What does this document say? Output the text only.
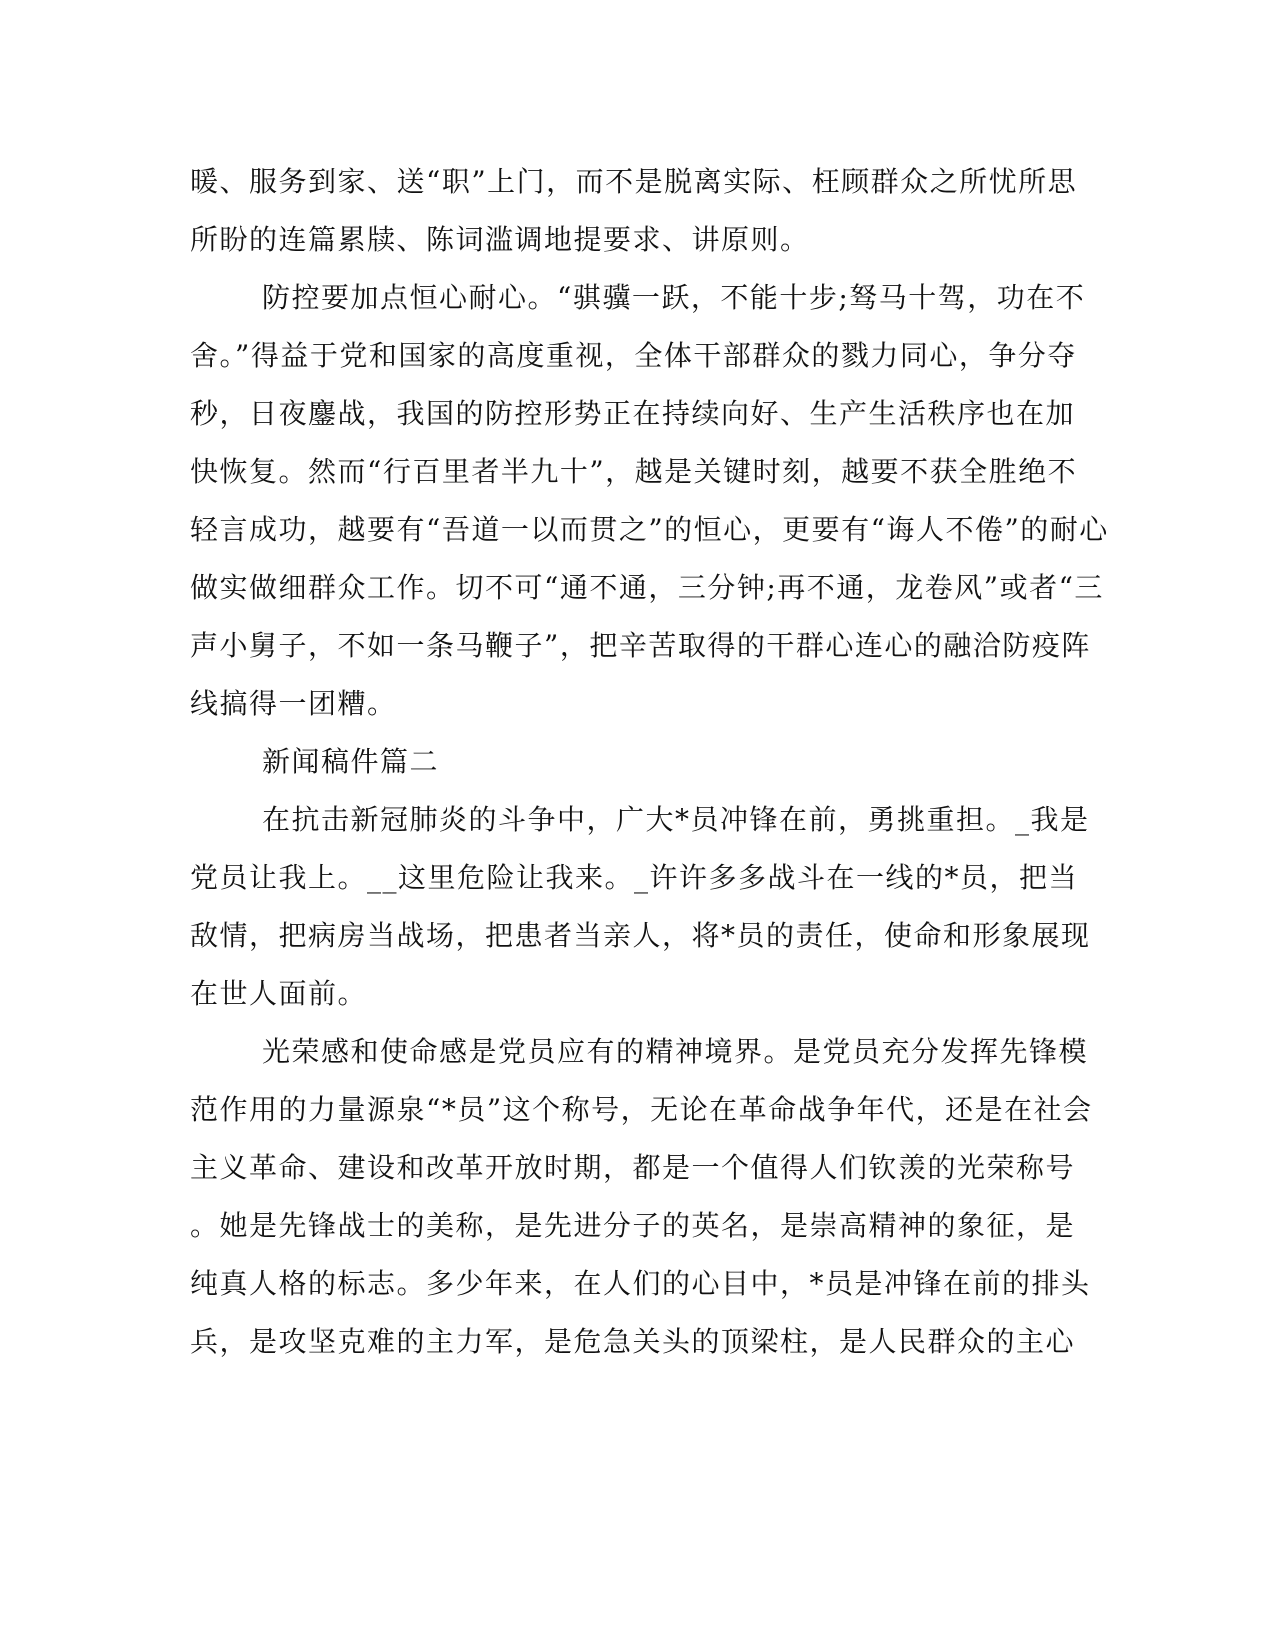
暖、服务到家、送“职”上门，而不是脱离实际、枉顾群众之所忧所思
所盼的连篇累牍、陈词滥调地提要求、讲原则。
防控要加点恒心耐心。“骐骥一跃，不能十步;驽马十驾，功在不
舍。”得益于党和国家的高度重视，全体干部群众的戮力同心，争分夺
秒，日夜鏖战，我国的防控形势正在持续向好、生产生活秩序也在加
快恢复。然而“行百里者半九十”，越是关键时刻，越要不获全胜绝不
轻言成功，越要有“吾道一以而贯之”的恒心，更要有“诲人不倦”的耐心
做实做细群众工作。切不可“通不通，三分钟;再不通，龙卷风”或者“三
声小舅子，不如一条马鞭子”，把辛苦取得的干群心连心的融洽防疫阵
线搞得一团糟。
新闻稿件篇二
在抗击新冠肺炎的斗争中，广大*员冲锋在前，勇挑重担。_我是
党员让我上。__这里危险让我来。_许许多多战斗在一线的*员，把当
敌情，把病房当战场，把患者当亲人，将*员的责任，使命和形象展现
在世人面前。
光荣感和使命感是党员应有的精神境界。是党员充分发挥先锋模
范作用的力量源泉“*员”这个称号，无论在革命战争年代，还是在社会
主义革命、建设和改革开放时期，都是一个值得人们钦羡的光荣称号
。她是先锋战士的美称，是先进分子的英名，是崇高精神的象征，是
纯真人格的标志。多少年来，在人们的心目中，*员是冲锋在前的排头
兵，是攻坚克难的主力军，是危急关头的顶梁柱，是人民群众的主心
